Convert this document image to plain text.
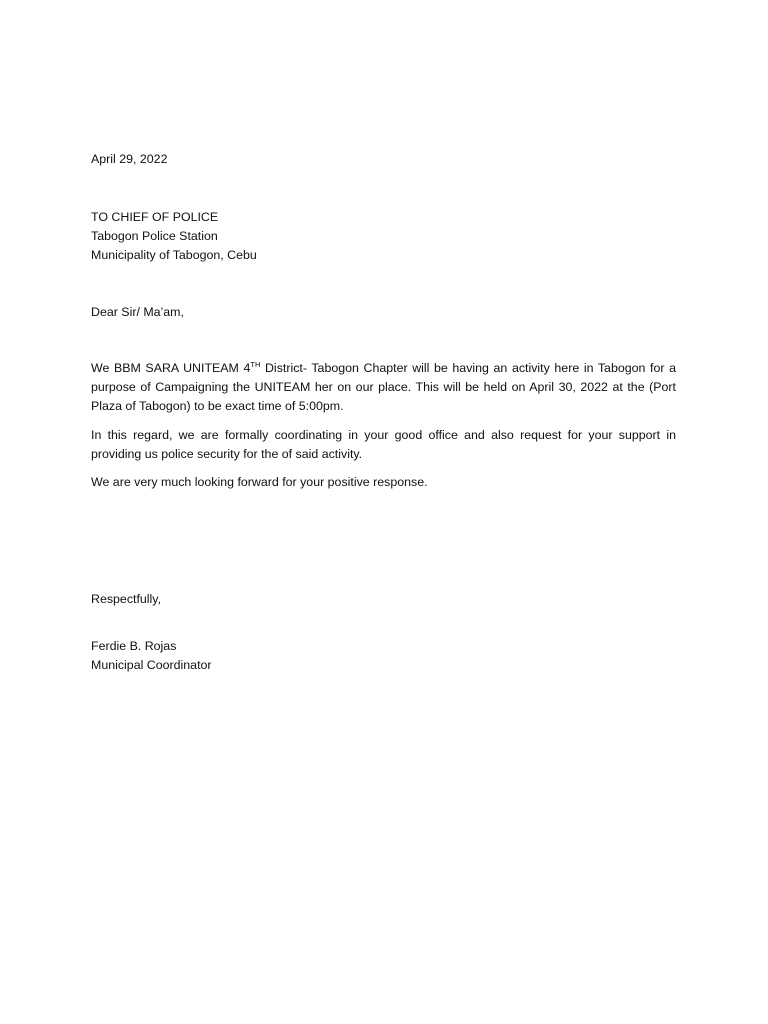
April 29, 2022
TO CHIEF OF POLICE
Tabogon Police Station
Municipality of Tabogon, Cebu
Dear Sir/ Ma’am,
We BBM SARA UNITEAM 4TH District- Tabogon Chapter will be having an activity here in Tabogon for a purpose of Campaigning the UNITEAM her on our place. This will be held on April 30, 2022 at the (Port Plaza of Tabogon) to be exact time of 5:00pm.
In this regard, we are formally coordinating in your good office and also request for your support in providing us police security for the of said activity.
We are very much looking forward for your positive response.
Respectfully,
Ferdie B. Rojas
Municipal Coordinator
